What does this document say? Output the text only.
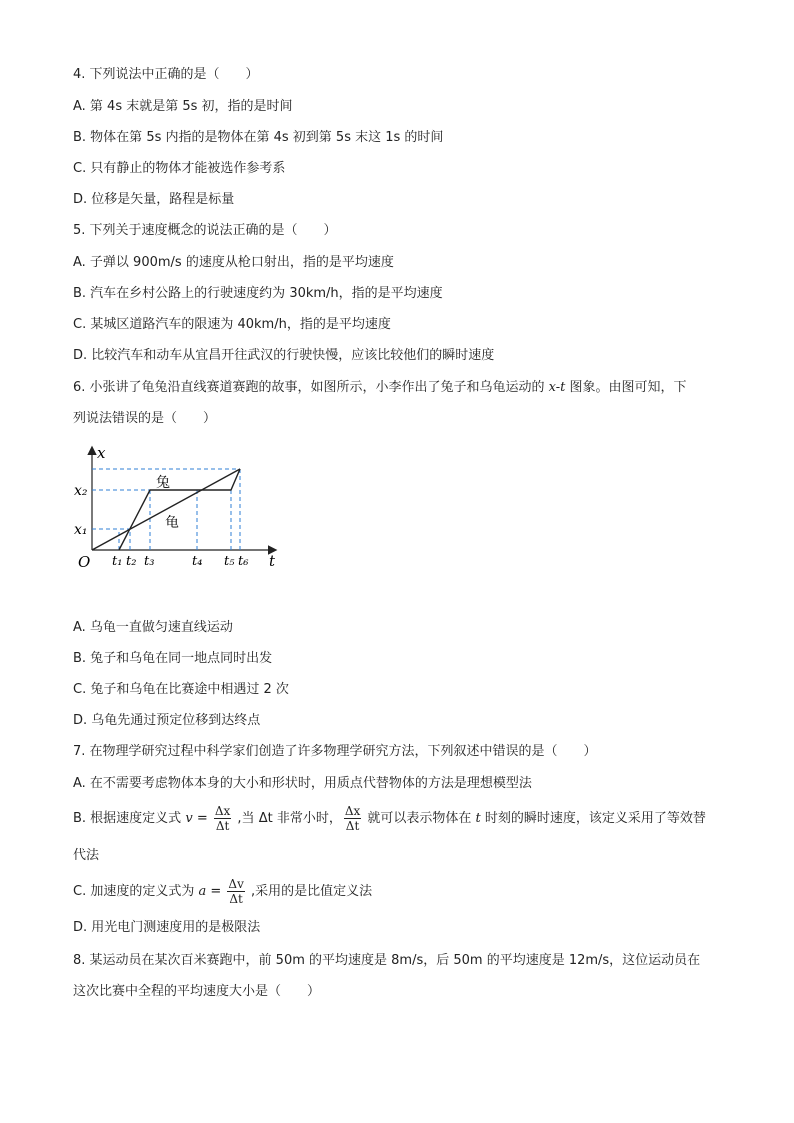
4. 下列说法中正确的是（　　）
A. 第 4s 末就是第 5s 初，指的是时间
B. 物体在第 5s 内指的是物体在第 4s 初到第 5s 末这 1s 的时间
C. 只有静止的物体才能被选作参考系
D. 位移是矢量，路程是标量
5. 下列关于速度概念的说法正确的是（　　）
A. 子弹以 900m/s 的速度从枪口射出，指的是平均速度
B. 汽车在乡村公路上的行驶速度约为 30km/h，指的是平均速度
C. 某城区道路汽车的限速为 40km/h，指的是平均速度
D. 比较汽车和动车从宜昌开往武汉的行驶快慢，应该比较他们的瞬时速度
6. 小张讲了龟兔沿直线赛道赛跑的故事，如图所示，小李作出了兔子和乌龟运动的 x-t 图象。由图可知，下
列说法错误的是（　　）
x
t
O
x₂
x₁
t₁ t₂ t₃	t₄ t₅ t₆
兔
龟
A. 乌龟一直做匀速直线运动
B. 兔子和乌龟在同一地点同时出发
C. 兔子和乌龟在比赛途中相遇过 2 次
D. 乌龟先通过预定位移到达终点
7. 在物理学研究过程中科学家们创造了许多物理学研究方法，下列叙述中错误的是（　　）
A. 在不需要考虑物体本身的大小和形状时，用质点代替物体的方法是理想模型法
B. 根据速度定义式 $v = \frac{\Delta x}{\Delta t}$ ,当 Δt 非常小时， $\frac{\Delta x}{\Delta t}$ 就可以表示物体在 t 时刻的瞬时速度，该定义采用了等效替
代法
C. 加速度的定义式为 $a = \frac{\Delta v}{\Delta t}$ ,采用的是比值定义法
D. 用光电门测速度用的是极限法
8. 某运动员在某次百米赛跑中，前 50m 的平均速度是 8m/s，后 50m 的平均速度是 12m/s，这位运动员在
这次比赛中全程的平均速度大小是（　　）
